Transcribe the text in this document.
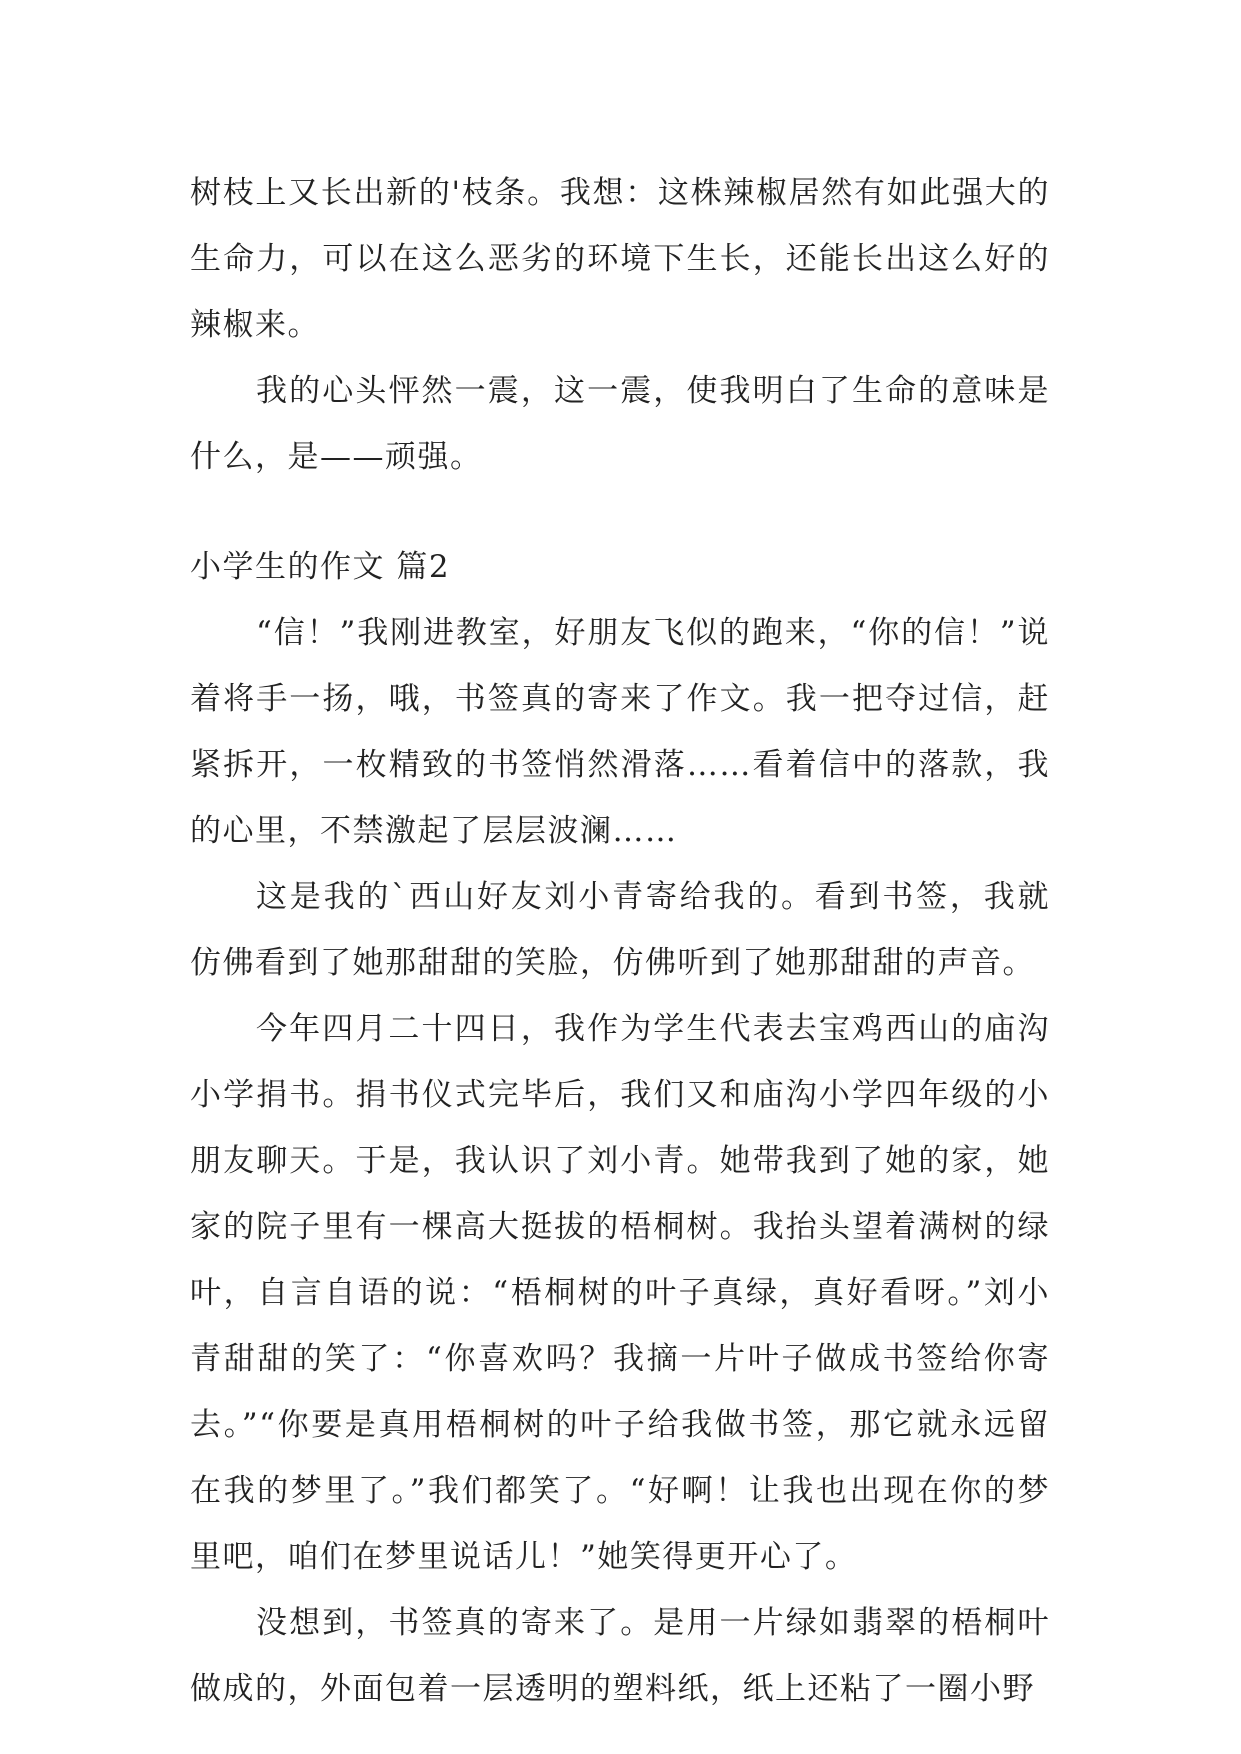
树枝上又长出新的'枝条。我想：这株辣椒居然有如此强大的生命力，可以在这么恶劣的环境下生长，还能长出这么好的辣椒来。

我的心头怦然一震，这一震，使我明白了生命的意味是什么，是——顽强。

小学生的作文 篇2

“信！”我刚进教室，好朋友飞似的跑来，“你的信！”说着将手一扬，哦，书签真的寄来了作文。我一把夺过信，赶紧拆开，一枚精致的书签悄然滑落……看着信中的落款，我的心里，不禁激起了层层波澜……

这是我的`西山好友刘小青寄给我的。看到书签，我就仿佛看到了她那甜甜的笑脸，仿佛听到了她那甜甜的声音。

今年四月二十四日，我作为学生代表去宝鸡西山的庙沟小学捐书。捐书仪式完毕后，我们又和庙沟小学四年级的小朋友聊天。于是，我认识了刘小青。她带我到了她的家，她家的院子里有一棵高大挺拔的梧桐树。我抬头望着满树的绿叶，自言自语的说：“梧桐树的叶子真绿，真好看呀。”刘小青甜甜的笑了：“你喜欢吗？我摘一片叶子做成书签给你寄去。”“你要是真用梧桐树的叶子给我做书签，那它就永远留在我的梦里了。”我们都笑了。“好啊！让我也出现在你的梦里吧，咱们在梦里说话儿！”她笑得更开心了。

没想到，书签真的寄来了。是用一片绿如翡翠的梧桐叶做成的，外面包着一层透明的塑料纸，纸上还粘了一圈小野
